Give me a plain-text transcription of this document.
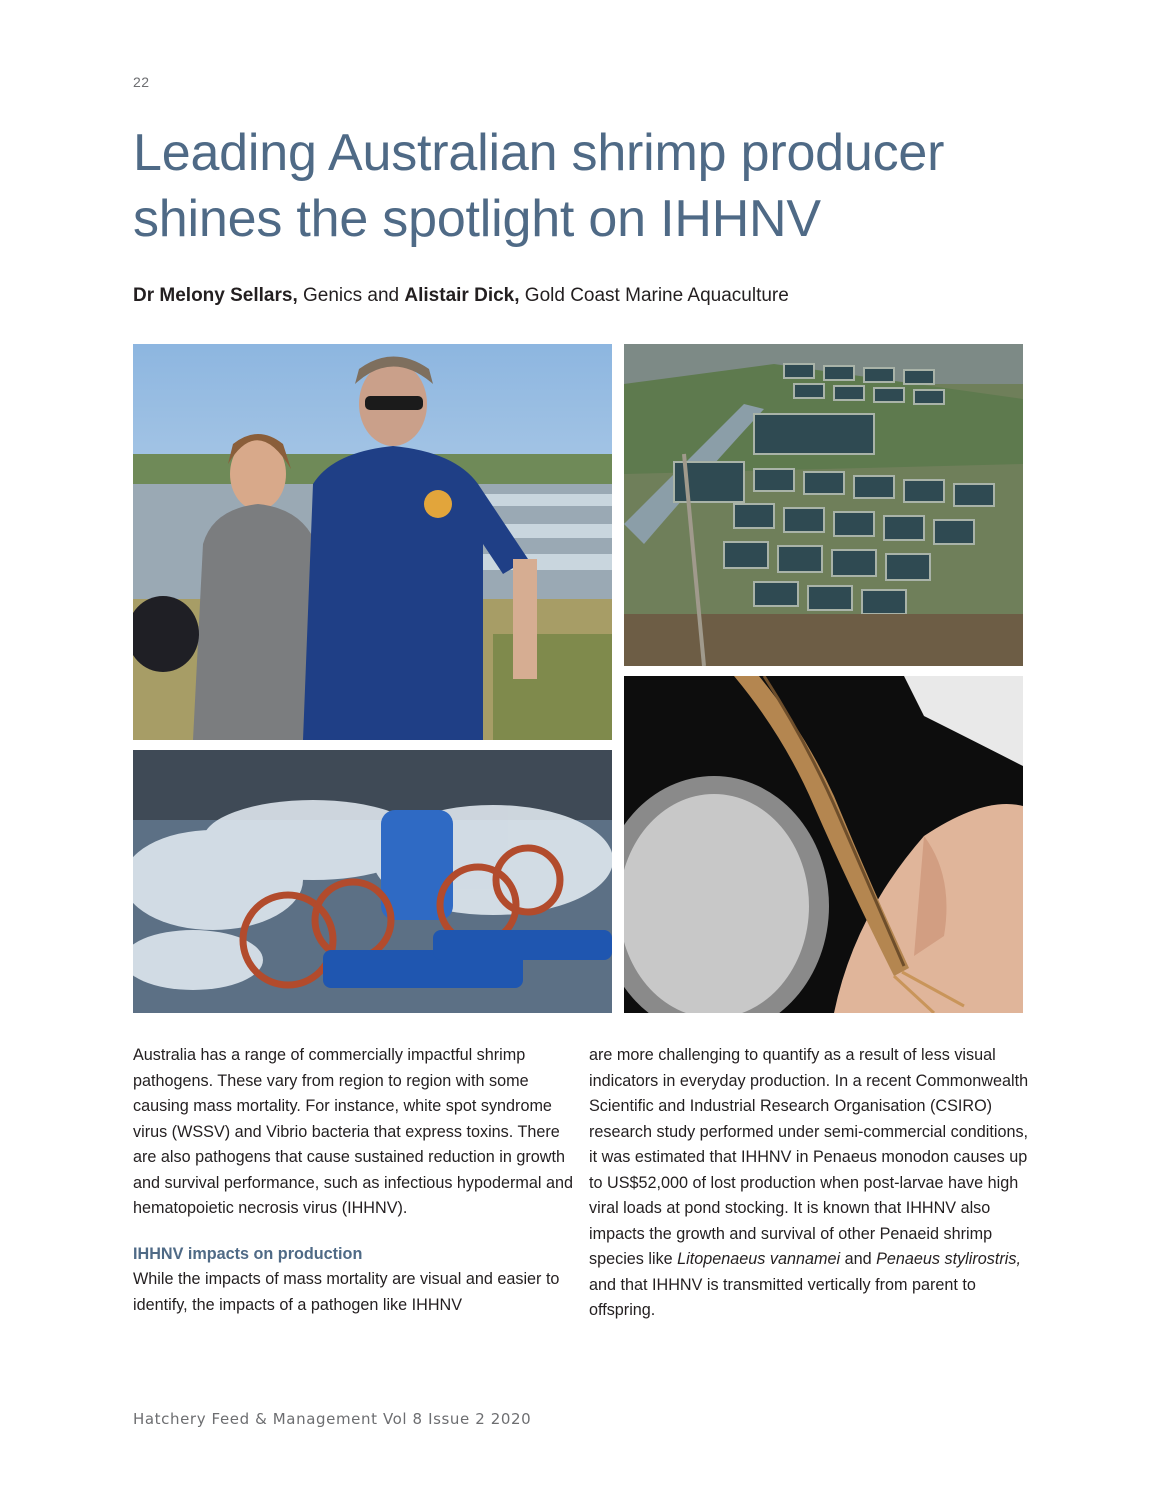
22
Leading Australian shrimp producer
shines the spotlight on IHHNV
Dr Melony Sellars, Genics and Alistair Dick, Gold Coast Marine Aquaculture

Australia has a range of commercially impactful shrimp pathogens. These vary from region to region with some causing mass mortality. For instance, white spot syndrome virus (WSSV) and Vibrio bacteria that express toxins. There are also pathogens that cause sustained reduction in growth and survival performance, such as infectious hypodermal and hematopoietic necrosis virus (IHHNV).

IHHNV impacts on production

While the impacts of mass mortality are visual and easier to identify, the impacts of a pathogen like IHHNV

are more challenging to quantify as a result of less visual indicators in everyday production. In a recent Commonwealth Scientific and Industrial Research Organisation (CSIRO) research study performed under semi-commercial conditions, it was estimated that IHHNV in Penaeus monodon causes up to US$52,000 of lost production when post-larvae have high viral loads at pond stocking. It is known that IHHNV also impacts the growth and survival of other Penaeid shrimp species like Litopenaeus vannamei and Penaeus stylirostris, and that IHHNV is transmitted vertically from parent to offspring.

Hatchery Feed & Management Vol 8 Issue 2 2020
